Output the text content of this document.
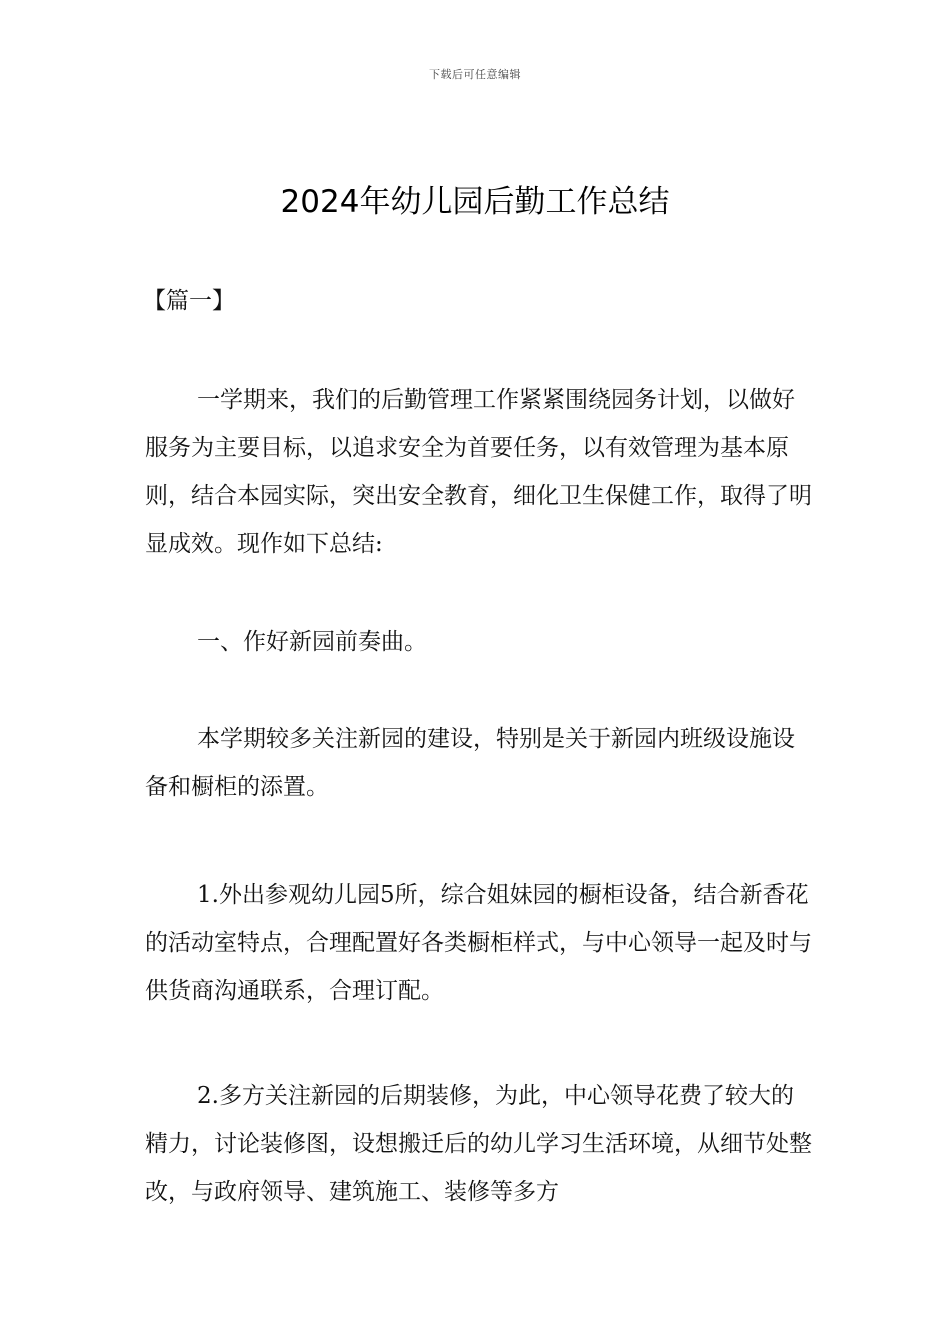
下载后可任意编辑
2024年幼儿园后勤工作总结
【篇一】

一学期来，我们的后勤管理工作紧紧围绕园务计划，以做好服务为主要目标，以追求安全为首要任务，以有效管理为基本原则，结合本园实际，突出安全教育，细化卫生保健工作，取得了明显成效。现作如下总结:

一、作好新园前奏曲。

本学期较多关注新园的建设，特别是关于新园内班级设施设备和橱柜的添置。

1.外出参观幼儿园5所，综合姐妹园的橱柜设备，结合新香花的活动室特点，合理配置好各类橱柜样式，与中心领导一起及时与供货商沟通联系，合理订配。

2.多方关注新园的后期装修，为此，中心领导花费了较大的精力，讨论装修图，设想搬迁后的幼儿学习生活环境，从细节处整改，与政府领导、建筑施工、装修等多方
